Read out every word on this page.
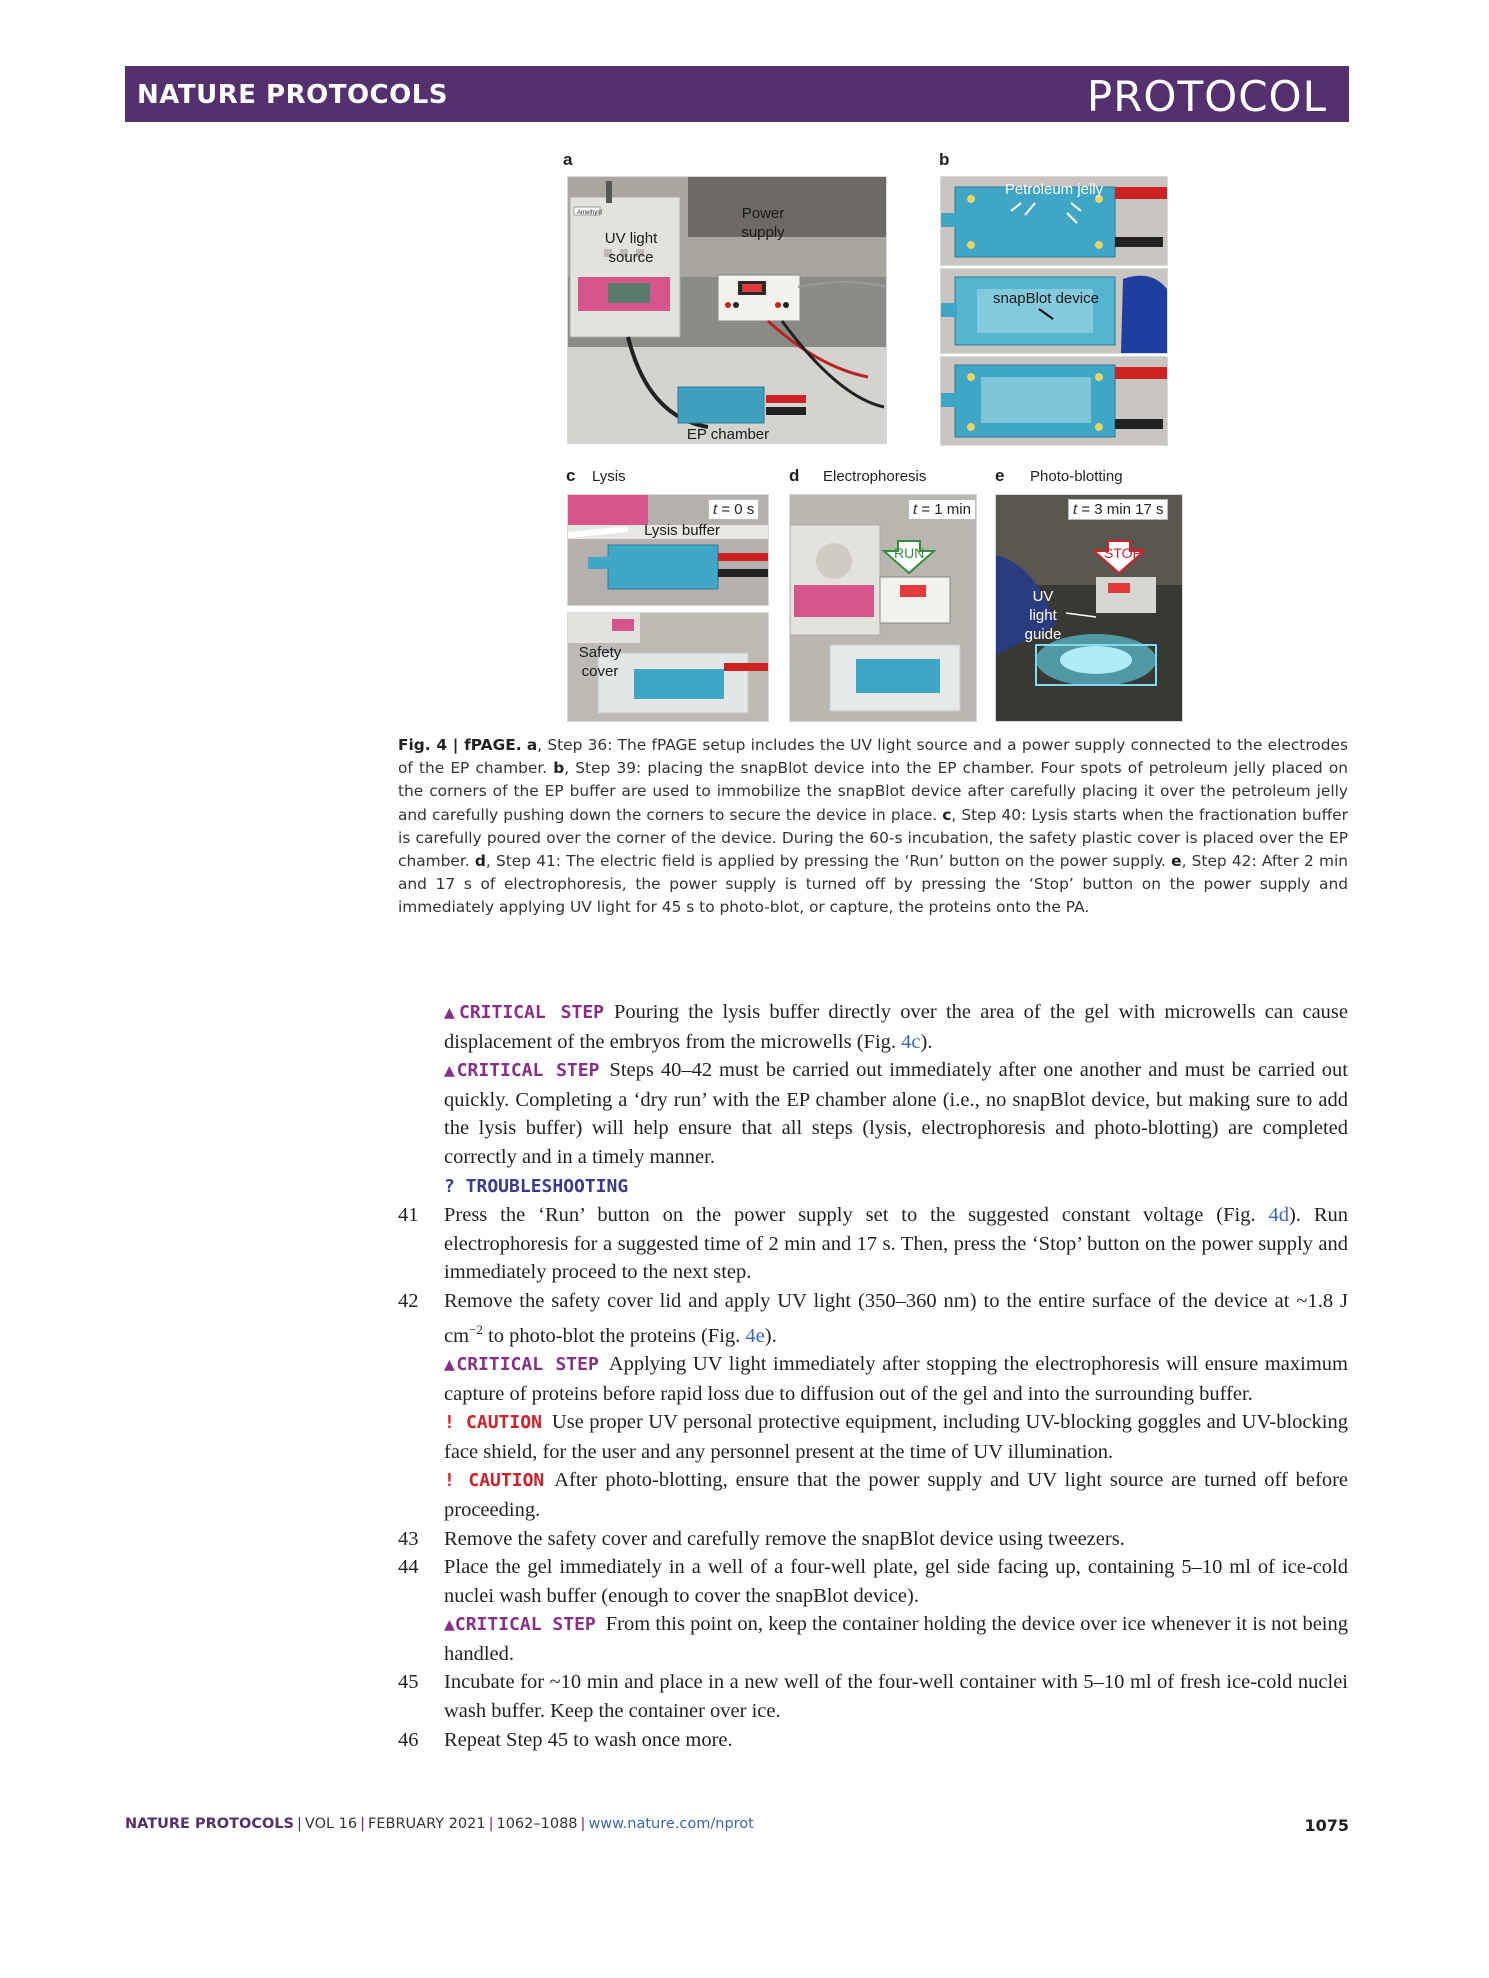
NATURE PROTOCOLS	PROTOCOL
a
UV light source
Power supply
EP chamber
Amethyst
b
Petroleum jelly
snapBlot device
c Lysis
t = 0 s
Lysis buffer
Safety cover
d Electrophoresis
t = 1 min
RUN
e Photo-blotting
t = 3 min 17 s
STOP
UV light guide
Fig. 4 | fPAGE. a, Step 36: The fPAGE setup includes the UV light source and a power supply connected to the electrodes of the EP chamber. b, Step 39: placing the snapBlot device into the EP chamber. Four spots of petroleum jelly placed on the corners of the EP buffer are used to immobilize the snapBlot device after carefully placing it over the petroleum jelly and carefully pushing down the corners to secure the device in place. c, Step 40: Lysis starts when the fractionation buffer is carefully poured over the corner of the device. During the 60-s incubation, the safety plastic cover is placed over the EP chamber. d, Step 41: The electric field is applied by pressing the ‘Run’ button on the power supply. e, Step 42: After 2 min and 17 s of electrophoresis, the power supply is turned off by pressing the ‘Stop’ button on the power supply and immediately applying UV light for 45 s to photo-blot, or capture, the proteins onto the PA.
▲CRITICAL STEP Pouring the lysis buffer directly over the area of the gel with microwells can cause displacement of the embryos from the microwells (Fig. 4c).
▲CRITICAL STEP Steps 40–42 must be carried out immediately after one another and must be carried out quickly. Completing a ‘dry run’ with the EP chamber alone (i.e., no snapBlot device, but making sure to add the lysis buffer) will help ensure that all steps (lysis, electrophoresis and photo-blotting) are completed correctly and in a timely manner.
? TROUBLESHOOTING
41 Press the ‘Run’ button on the power supply set to the suggested constant voltage (Fig. 4d). Run electrophoresis for a suggested time of 2 min and 17 s. Then, press the ‘Stop’ button on the power supply and immediately proceed to the next step.
42 Remove the safety cover lid and apply UV light (350–360 nm) to the entire surface of the device at ~1.8 J $cm^{-2}$ to photo-blot the proteins (Fig. 4e).
▲CRITICAL STEP Applying UV light immediately after stopping the electrophoresis will ensure maximum capture of proteins before rapid loss due to diffusion out of the gel and into the surrounding buffer.
! CAUTION Use proper UV personal protective equipment, including UV-blocking goggles and UV-blocking face shield, for the user and any personnel present at the time of UV illumination.
! CAUTION After photo-blotting, ensure that the power supply and UV light source are turned off before proceeding.
43 Remove the safety cover and carefully remove the snapBlot device using tweezers.
44 Place the gel immediately in a well of a four-well plate, gel side facing up, containing 5–10 ml of ice-cold nuclei wash buffer (enough to cover the snapBlot device).
▲CRITICAL STEP From this point on, keep the container holding the device over ice whenever it is not being handled.
45 Incubate for ~10 min and place in a new well of the four-well container with 5–10 ml of fresh ice-cold nuclei wash buffer. Keep the container over ice.
46 Repeat Step 45 to wash once more.
NATURE PROTOCOLS | VOL 16 | FEBRUARY 2021 | 1062–1088 | www.nature.com/nprot	1075
